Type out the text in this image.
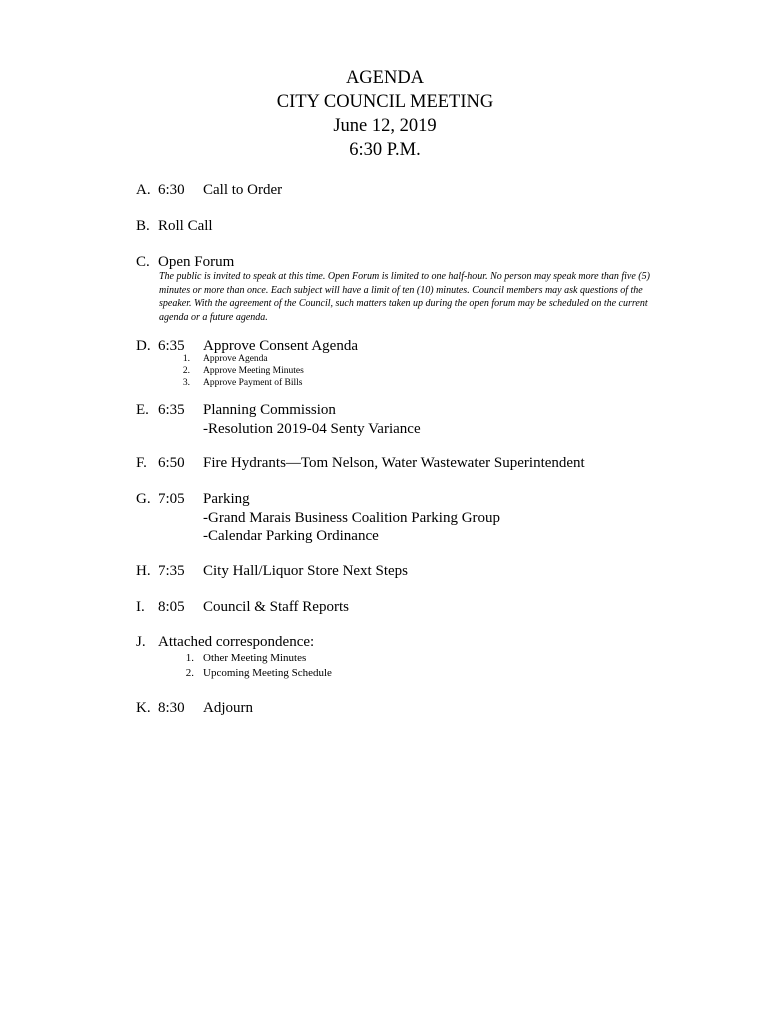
AGENDA
CITY COUNCIL MEETING
June 12, 2019
6:30 P.M.
A. 6:30 Call to Order
B. Roll Call
C. Open Forum
The public is invited to speak at this time. Open Forum is limited to one half-hour. No person may speak more than five (5) minutes or more than once. Each subject will have a limit of ten (10) minutes. Council members may ask questions of the speaker. With the agreement of the Council, such matters taken up during the open forum may be scheduled on the current agenda or a future agenda.
D. 6:35 Approve Consent Agenda
1. Approve Agenda
2. Approve Meeting Minutes
3. Approve Payment of Bills
E. 6:35 Planning Commission
-Resolution 2019-04 Senty Variance
F. 6:50 Fire Hydrants—Tom Nelson, Water Wastewater Superintendent
G. 7:05 Parking
-Grand Marais Business Coalition Parking Group
-Calendar Parking Ordinance
H. 7:35 City Hall/Liquor Store Next Steps
I. 8:05 Council & Staff Reports
J. Attached correspondence:
1. Other Meeting Minutes
2. Upcoming Meeting Schedule
K. 8:30 Adjourn
